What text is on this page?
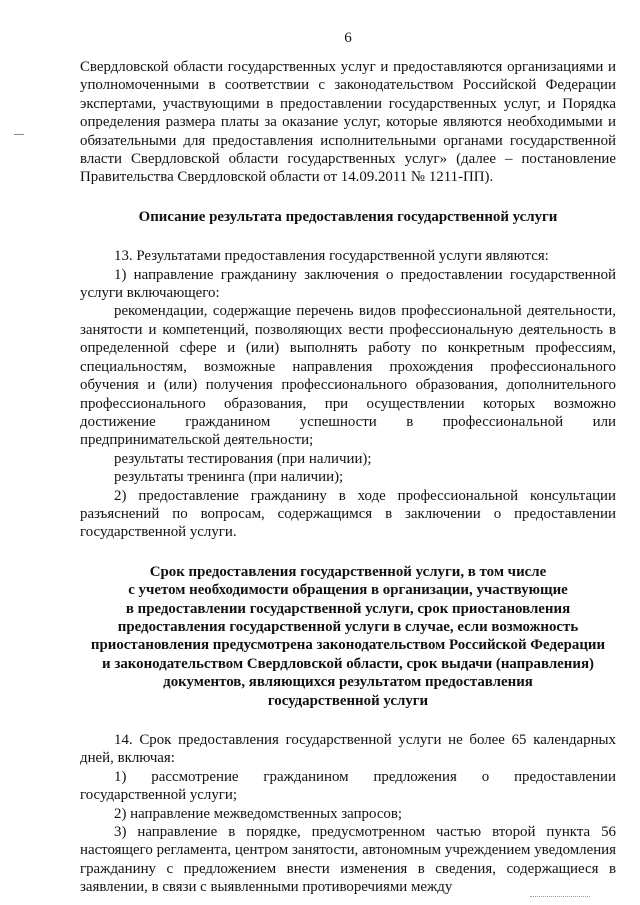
6

Свердловской области государственных услуг и предоставляются организациями и уполномоченными в соответствии с законодательством Российской Федерации экспертами, участвующими в предоставлении государственных услуг, и Порядка определения размера платы за оказание услуг, которые являются необходимыми и обязательными для предоставления исполнительными органами государственной власти Свердловской области государственных услуг» (далее – постановление Правительства Свердловской области от 14.09.2011 № 1211-ПП).

Описание результата предоставления государственной услуги

13. Результатами предоставления государственной услуги являются:

1) направление гражданину заключения о предоставлении государственной услуги включающего:

рекомендации, содержащие перечень видов профессиональной деятельности, занятости и компетенций, позволяющих вести профессиональную деятельность в определенной сфере и (или) выполнять работу по конкретным профессиям, специальностям, возможные направления прохождения профессионального обучения и (или) получения профессионального образования, дополнительного профессионального образования, при осуществлении которых возможно достижение гражданином успешности в профессиональной или предпринимательской деятельности;

результаты тестирования (при наличии);

результаты тренинга (при наличии);

2) предоставление гражданину в ходе профессиональной консультации разъяснений по вопросам, содержащимся в заключении о предоставлении государственной услуги.

Срок предоставления государственной услуги, в том числе
с учетом необходимости обращения в организации, участвующие
в предоставлении государственной услуги, срок приостановления
предоставления государственной услуги в случае, если возможность
приостановления предусмотрена законодательством Российской Федерации
и законодательством Свердловской области, срок выдачи (направления)
документов, являющихся результатом предоставления
государственной услуги

14. Срок предоставления государственной услуги не более 65 календарных дней, включая:

1) рассмотрение гражданином предложения о предоставлении государственной услуги;

2) направление межведомственных запросов;

3) направление в порядке, предусмотренном частью второй пункта 56 настоящего регламента, центром занятости, автономным учреждением уведомления гражданину с предложением внести изменения в сведения, содержащиеся в заявлении, в связи с выявленными противоречиями между
